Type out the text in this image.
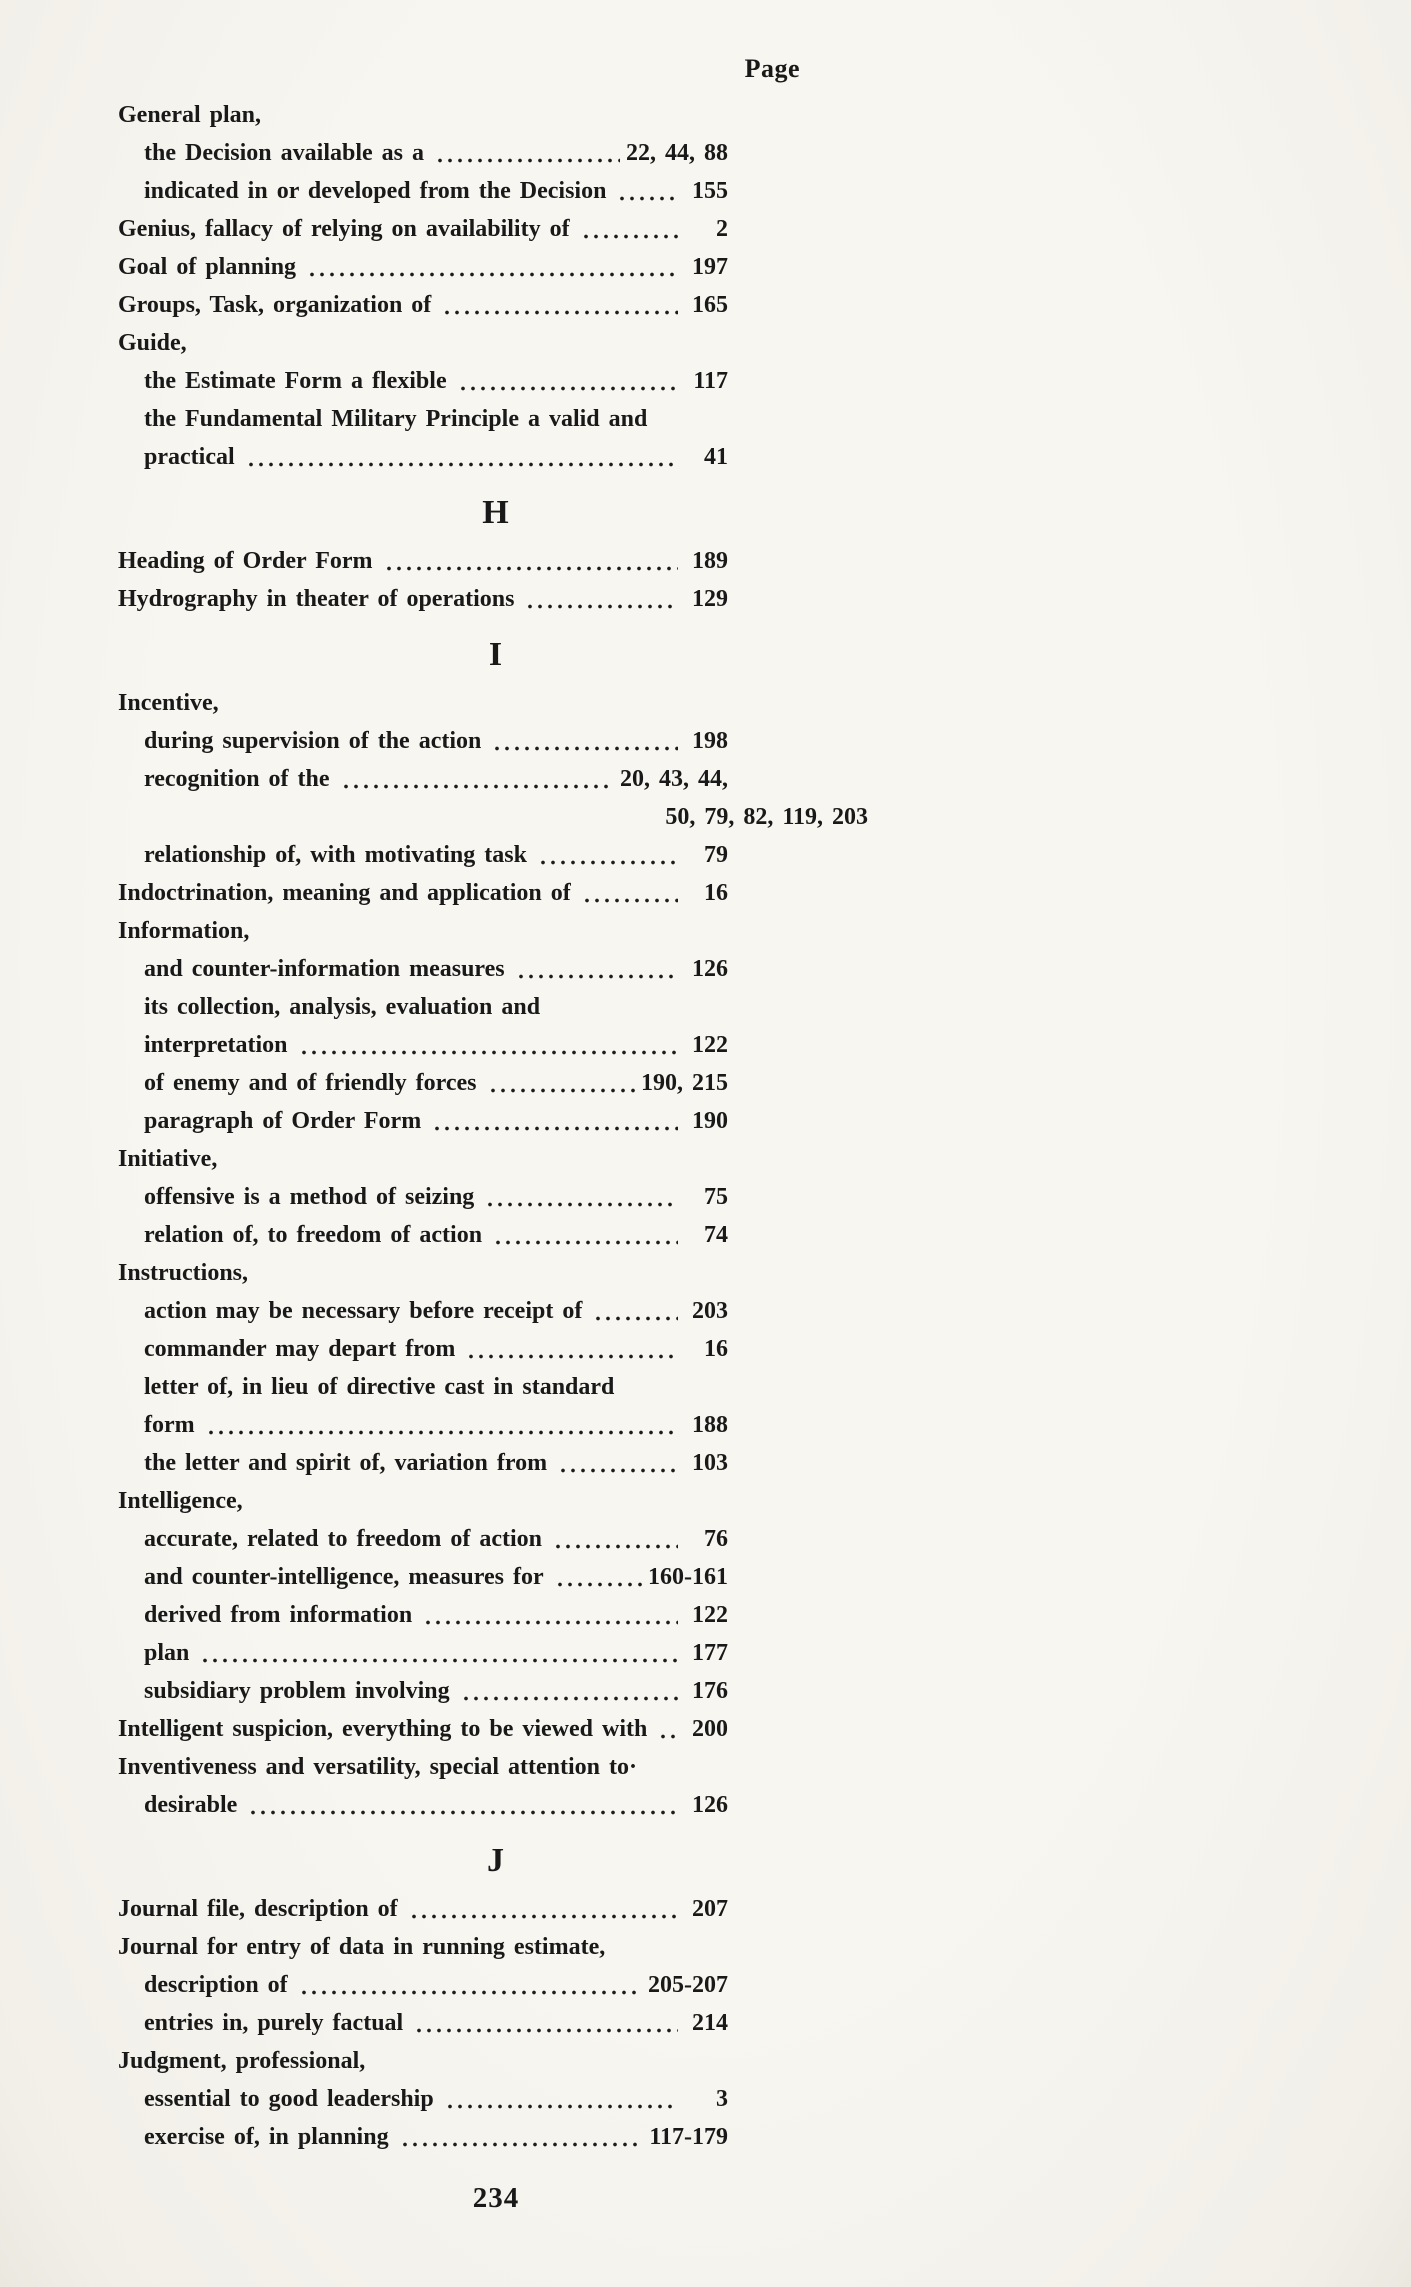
Page
General plan,
the Decision available as a	22, 44, 88
indicated in or developed from the Decision	155
Genius, fallacy of relying on availability of	2
Goal of planning	197
Groups, Task, organization of	165
Guide,
the Estimate Form a flexible	117
the Fundamental Military Principle a valid and
practical	41
H
Heading of Order Form	189
Hydrography in theater of operations	129
I
Incentive,
during supervision of the action	198
recognition of the	20, 43, 44,
50, 79, 82, 119, 203
relationship of, with motivating task	79
Indoctrination, meaning and application of	16
Information,
and counter-information measures	126
its collection, analysis, evaluation and
interpretation	122
of enemy and of friendly forces	190, 215
paragraph of Order Form	190
Initiative,
offensive is a method of seizing	75
relation of, to freedom of action	74
Instructions,
action may be necessary before receipt of	203
commander may depart from	16
letter of, in lieu of directive cast in standard
form	188
the letter and spirit of, variation from	103
Intelligence,
accurate, related to freedom of action	76
and counter-intelligence, measures for	160-161
derived from information	122
plan	177
subsidiary problem involving	176
Intelligent suspicion, everything to be viewed with	200
Inventiveness and versatility, special attention to·
desirable	126
J
Journal file, description of	207
Journal for entry of data in running estimate,
description of	205-207
entries in, purely factual	214
Judgment, professional,
essential to good leadership	3
exercise of, in planning	117-179
234
